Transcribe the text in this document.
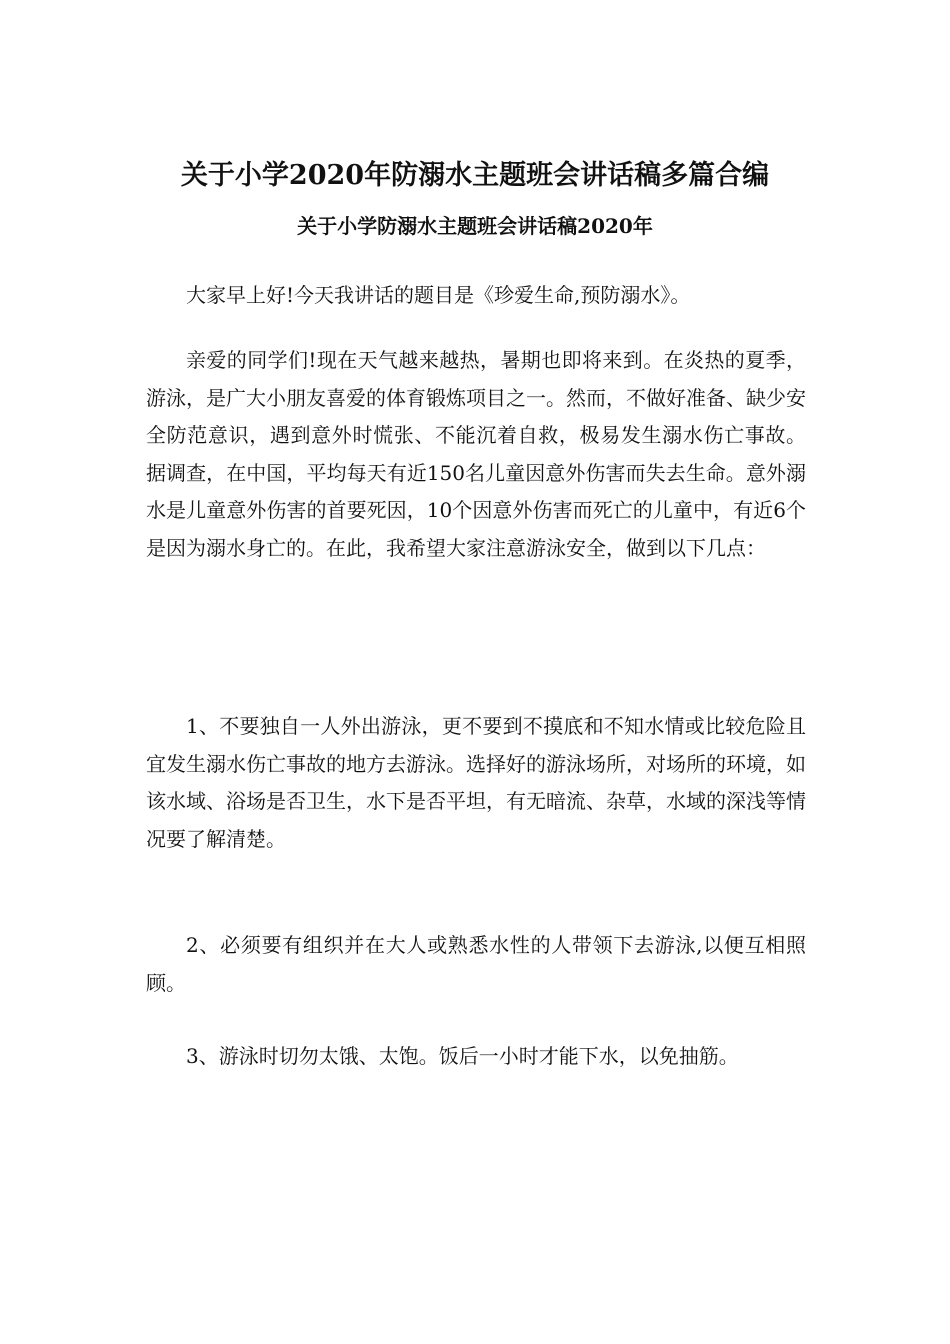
关于小学2020年防溺水主题班会讲话稿多篇合编
关于小学防溺水主题班会讲话稿2020年

大家早上好!今天我讲话的题目是《珍爱生命,预防溺水》。

亲爱的同学们!现在天气越来越热，暑期也即将来到。在炎热的夏季，游泳，是广大小朋友喜爱的体育锻炼项目之一。然而，不做好准备、缺少安全防范意识，遇到意外时慌张、不能沉着自救，极易发生溺水伤亡事故。 据调查，在中国，平均每天有近150名儿童因意外伤害而失去生命。意外溺水是儿童意外伤害的首要死因，10个因意外伤害而死亡的儿童中，有近6个是因为溺水身亡的。在此，我希望大家注意游泳安全，做到以下几点：

1、不要独自一人外出游泳，更不要到不摸底和不知水情或比较危险且宜发生溺水伤亡事故的地方去游泳。选择好的游泳场所，对场所的环境，如该水域、浴场是否卫生，水下是否平坦，有无暗流、杂草，水域的深浅等情况要了解清楚。

2、必须要有组织并在大人或熟悉水性的人带领下去游泳,以便互相照顾。

3、游泳时切勿太饿、太饱。饭后一小时才能下水，以免抽筋。
